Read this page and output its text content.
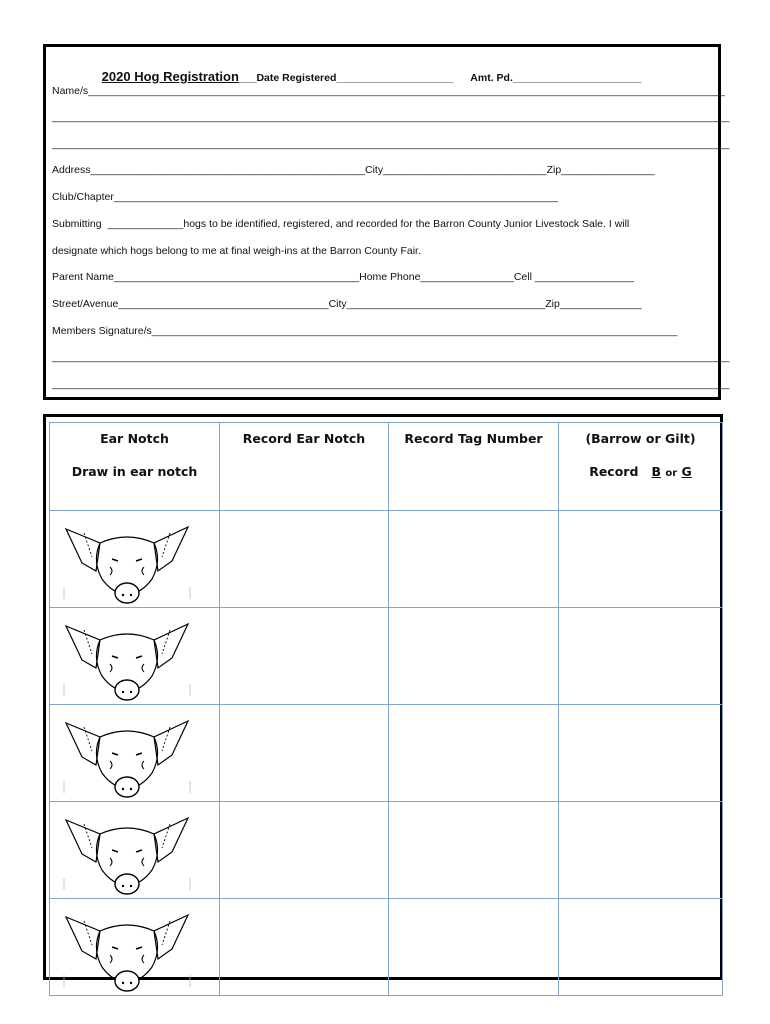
2020 Hog Registration___Date Registered____________________      Amt. Pd.______________________

Name/s_____________________________________________________________________________________________________________
____________________________________________________________________________________________________________________
____________________________________________________________________________________________________________________
Address_______________________________________________City____________________________Zip________________
Club/Chapter____________________________________________________________________________
Submitting  _____________hogs to be identified, registered, and recorded for the Barron County Junior Livestock Sale. I will
designate which hogs belong to me at final weigh-ins at the Barron County Fair.
Parent Name__________________________________________Home Phone________________Cell _________________
Street/Avenue____________________________________City__________________________________Zip______________
Members Signature/s__________________________________________________________________________________________
____________________________________________________________________________________________________________________
____________________________________________________________________________________________________________________
Ear Notch
Draw in ear notch	Record Ear Notch	Record Tag Number	(Barrow or Gilt)
Record B or G
